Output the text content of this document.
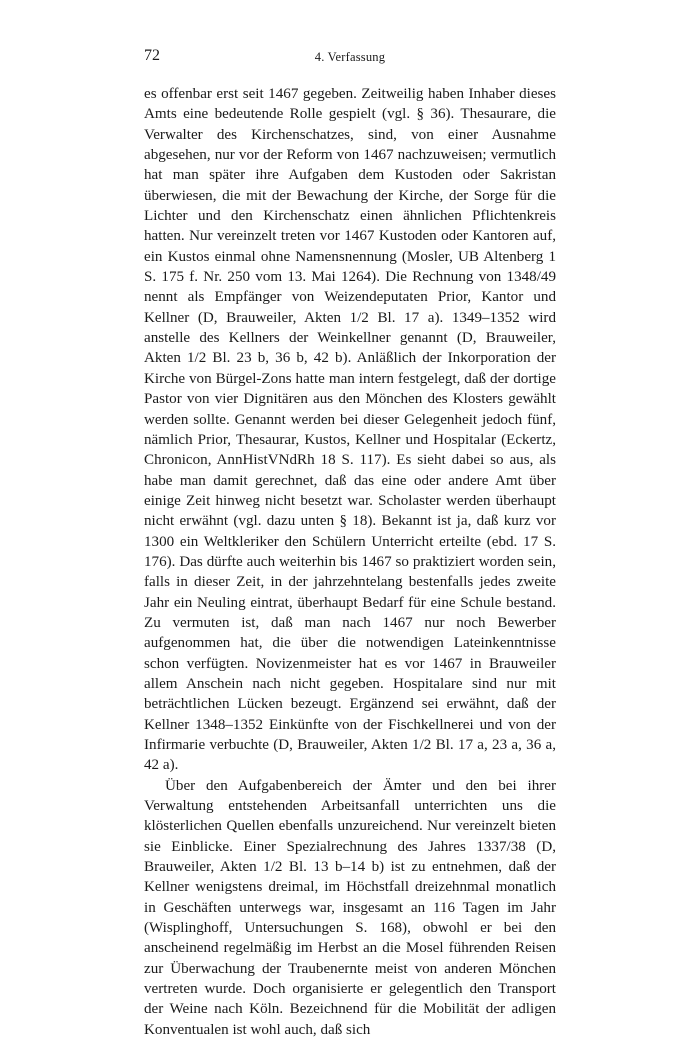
72	4. Verfassung

es offenbar erst seit 1467 gegeben. Zeitweilig haben Inhaber dieses Amts eine bedeutende Rolle gespielt (vgl. § 36). Thesaurare, die Verwalter des Kirchenschatzes, sind, von einer Ausnahme abgesehen, nur vor der Reform von 1467 nachzuweisen; vermutlich hat man später ihre Aufgaben dem Kustoden oder Sakristan überwiesen, die mit der Bewachung der Kirche, der Sorge für die Lichter und den Kirchenschatz einen ähnlichen Pflichtenkreis hatten. Nur vereinzelt treten vor 1467 Kustoden oder Kantoren auf, ein Kustos einmal ohne Namensnennung (Mosler, UB Altenberg 1 S. 175 f. Nr. 250 vom 13. Mai 1264). Die Rechnung von 1348/49 nennt als Empfänger von Weizendeputaten Prior, Kantor und Kellner (D, Brauweiler, Akten 1/2 Bl. 17 a). 1349–1352 wird anstelle des Kellners der Weinkellner genannt (D, Brauweiler, Akten 1/2 Bl. 23 b, 36 b, 42 b). Anläßlich der Inkorporation der Kirche von Bürgel-Zons hatte man intern festgelegt, daß der dortige Pastor von vier Dignitären aus den Mönchen des Klosters gewählt werden sollte. Genannt werden bei dieser Gelegenheit jedoch fünf, nämlich Prior, Thesaurar, Kustos, Kellner und Hospitalar (Eckertz, Chronicon, AnnHistVNdRh 18 S. 117). Es sieht dabei so aus, als habe man damit gerechnet, daß das eine oder andere Amt über einige Zeit hinweg nicht besetzt war. Scholaster werden überhaupt nicht erwähnt (vgl. dazu unten § 18). Bekannt ist ja, daß kurz vor 1300 ein Weltkleriker den Schülern Unterricht erteilte (ebd. 17 S. 176). Das dürfte auch weiterhin bis 1467 so praktiziert worden sein, falls in dieser Zeit, in der jahrzehntelang bestenfalls jedes zweite Jahr ein Neuling eintrat, überhaupt Bedarf für eine Schule bestand. Zu vermuten ist, daß man nach 1467 nur noch Bewerber aufgenommen hat, die über die notwendigen Lateinkenntnisse schon verfügten. Novizenmeister hat es vor 1467 in Brauweiler allem Anschein nach nicht gegeben. Hospitalare sind nur mit beträchtlichen Lücken bezeugt. Ergänzend sei erwähnt, daß der Kellner 1348–1352 Einkünfte von der Fischkellnerei und von der Infirmarie verbuchte (D, Brauweiler, Akten 1/2 Bl. 17 a, 23 a, 36 a, 42 a).

Über den Aufgabenbereich der Ämter und den bei ihrer Verwaltung entstehenden Arbeitsanfall unterrichten uns die klösterlichen Quellen ebenfalls unzureichend. Nur vereinzelt bieten sie Einblicke. Einer Spezialrechnung des Jahres 1337/38 (D, Brauweiler, Akten 1/2 Bl. 13 b–14 b) ist zu entnehmen, daß der Kellner wenigstens dreimal, im Höchstfall dreizehnmal monatlich in Geschäften unterwegs war, insgesamt an 116 Tagen im Jahr (Wisplinghoff, Untersuchungen S. 168), obwohl er bei den anscheinend regelmäßig im Herbst an die Mosel führenden Reisen zur Überwachung der Traubenernte meist von anderen Mönchen vertreten wurde. Doch organisierte er gelegentlich den Transport der Weine nach Köln. Bezeichnend für die Mobilität der adligen Konventualen ist wohl auch, daß sich
